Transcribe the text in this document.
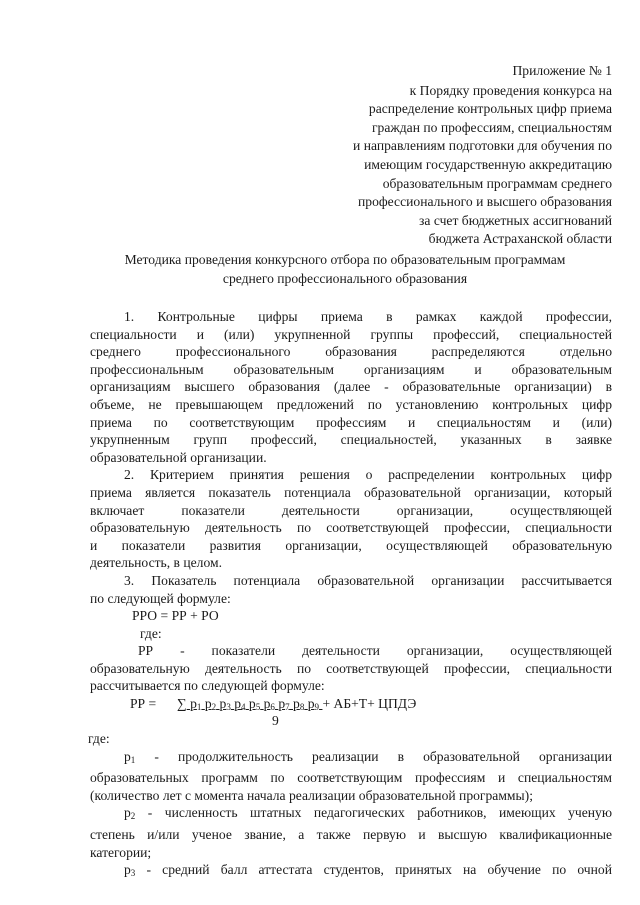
Приложение № 1
к Порядку проведения конкурса на
распределение контрольных цифр приема
граждан по профессиям, специальностям
и направлениям подготовки для обучения по
имеющим государственную аккредитацию
образовательным программам среднего
профессионального и высшего образования
за счет бюджетных ассигнований
бюджета Астраханской области
Методика проведения конкурсного отбора по образовательным программам
среднего профессионального образования
1. Контрольные цифры приема в рамках каждой профессии,
специальности и (или) укрупненной группы профессий, специальностей
среднего профессионального образования распределяются отдельно
профессиональным образовательным организациям и образовательным
организациям высшего образования (далее - образовательные организации) в
объеме, не превышающем предложений по установлению контрольных цифр
приема по соответствующим профессиям и специальностям и (или)
укрупненным групп профессий, специальностей, указанных в заявке
образовательной организации.
2. Критерием принятия решения о распределении контрольных цифр
приема является показатель потенциала образовательной организации, который
включает показатели деятельности организации, осуществляющей
образовательную деятельность по соответствующей профессии, специальности
и показатели развития организации, осуществляющей образовательную
деятельность, в целом.
3. Показатель потенциала образовательной организации рассчитывается
по следующей формуле:
РРО = РР + РО
где:
РР - показатели деятельности организации, осуществляющей
образовательную деятельность по соответствующей профессии, специальности
рассчитывается по следующей формуле:
РР = ∑ $p_1$ $p_2$ $p_3$ $p_4$ $p_5$ $p_6$ $p_7$ $p_8$ $p_9 + АБ+Т+$ ЦПДЭ
9
где:
$p_1$ - продолжительность реализации в образовательной организации
образовательных программ по соответствующим профессиям и специальностям
(количество лет с момента начала реализации образовательной программы);
$p_2$ - численность штатных педагогических работников, имеющих ученую
степень и/или ученое звание, а также первую и высшую квалификационные
категории;
$p_3$ - средний балл аттестата студентов, принятых на обучение по очной
